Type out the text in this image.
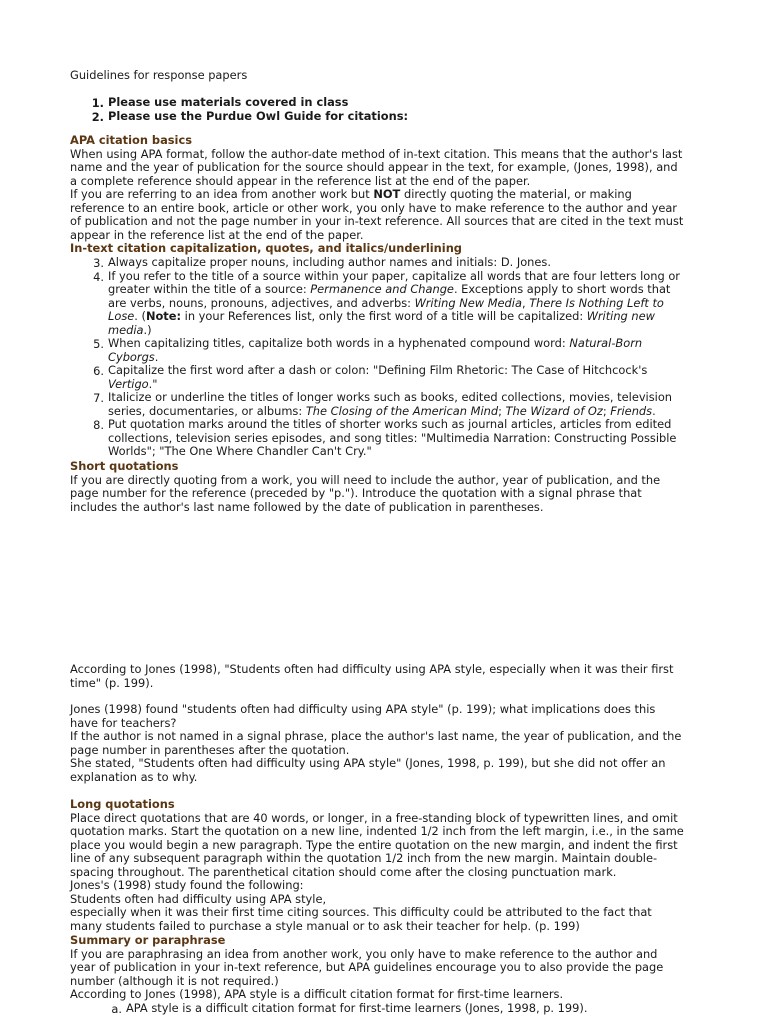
Guidelines for response papers
1. Please use materials covered in class
2. Please use the Purdue Owl Guide for citations:
APA citation basics
When using APA format, follow the author-date method of in-text citation. This means that the author's last
name and the year of publication for the source should appear in the text, for example, (Jones, 1998), and
a complete reference should appear in the reference list at the end of the paper.
If you are referring to an idea from another work but NOT directly quoting the material, or making
reference to an entire book, article or other work, you only have to make reference to the author and year
of publication and not the page number in your in-text reference. All sources that are cited in the text must
appear in the reference list at the end of the paper.
In-text citation capitalization, quotes, and italics/underlining
3. Always capitalize proper nouns, including author names and initials: D. Jones.
4. If you refer to the title of a source within your paper, capitalize all words that are four letters long or
greater within the title of a source: Permanence and Change. Exceptions apply to short words that
are verbs, nouns, pronouns, adjectives, and adverbs: Writing New Media, There Is Nothing Left to
Lose. (Note: in your References list, only the first word of a title will be capitalized: Writing new
media.)
5. When capitalizing titles, capitalize both words in a hyphenated compound word: Natural-Born
Cyborgs.
6. Capitalize the first word after a dash or colon: "Defining Film Rhetoric: The Case of Hitchcock's
Vertigo."
7. Italicize or underline the titles of longer works such as books, edited collections, movies, television
series, documentaries, or albums: The Closing of the American Mind; The Wizard of Oz; Friends.
8. Put quotation marks around the titles of shorter works such as journal articles, articles from edited
collections, television series episodes, and song titles: "Multimedia Narration: Constructing Possible
Worlds"; "The One Where Chandler Can't Cry."
Short quotations
If you are directly quoting from a work, you will need to include the author, year of publication, and the
page number for the reference (preceded by "p."). Introduce the quotation with a signal phrase that
includes the author's last name followed by the date of publication in parentheses.
According to Jones (1998), "Students often had difficulty using APA style, especially when it was their first
time" (p. 199).
Jones (1998) found "students often had difficulty using APA style" (p. 199); what implications does this
have for teachers?
If the author is not named in a signal phrase, place the author's last name, the year of publication, and the
page number in parentheses after the quotation.
She stated, "Students often had difficulty using APA style" (Jones, 1998, p. 199), but she did not offer an
explanation as to why.
Long quotations
Place direct quotations that are 40 words, or longer, in a free-standing block of typewritten lines, and omit
quotation marks. Start the quotation on a new line, indented 1/2 inch from the left margin, i.e., in the same
place you would begin a new paragraph. Type the entire quotation on the new margin, and indent the first
line of any subsequent paragraph within the quotation 1/2 inch from the new margin. Maintain double-
spacing throughout. The parenthetical citation should come after the closing punctuation mark.
Jones's (1998) study found the following:
Students often had difficulty using APA style,
especially when it was their first time citing sources. This difficulty could be attributed to the fact that
many students failed to purchase a style manual or to ask their teacher for help. (p. 199)
Summary or paraphrase
If you are paraphrasing an idea from another work, you only have to make reference to the author and
year of publication in your in-text reference, but APA guidelines encourage you to also provide the page
number (although it is not required.)
According to Jones (1998), APA style is a difficult citation format for first-time learners.
a. APA style is a difficult citation format for first-time learners (Jones, 1998, p. 199).
